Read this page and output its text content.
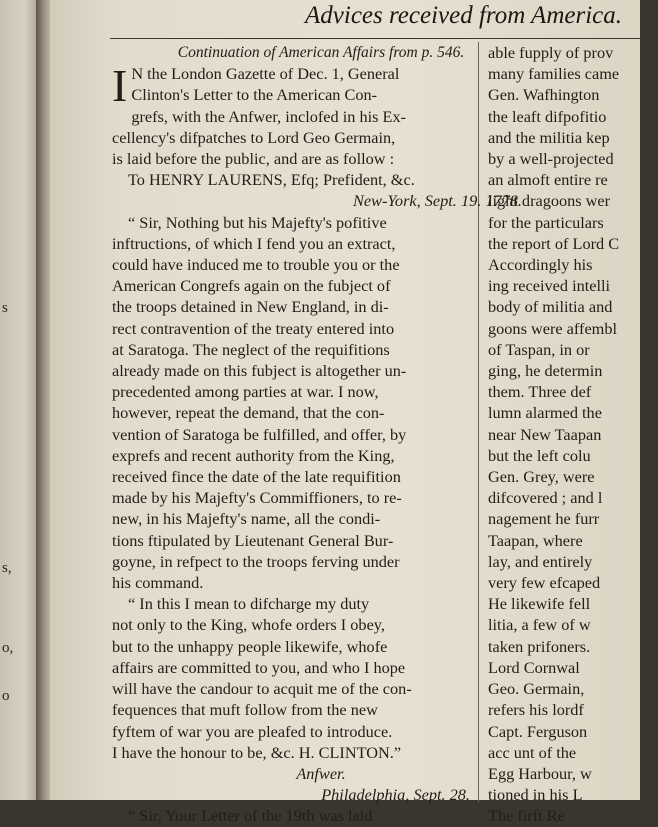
s
s,
o,
o
Advices received from America.
Continuation of American Affairs from p. 546.
I N the London Gazette of Dec. 1, General
Clinton's Letter to the American Con-
grefs, with the Anfwer, inclofed in his Ex-
cellency's difpatches to Lord Geo Germain,
is laid before the public, and are as follow :
To HENRY LAURENS, Efq; Prefident, &c.
New-York, Sept. 19. 1778.
“ Sir, Nothing but his Majefty's pofitive
inftructions, of which I fend you an extract,
could have induced me to trouble you or the
American Congrefs again on the fubject of
the troops detained in New England, in di-
rect contravention of the treaty entered into
at Saratoga. The neglect of the requifitions
already made on this fubject is altogether un-
precedented among parties at war. I now,
however, repeat the demand, that the con-
vention of Saratoga be fulfilled, and offer, by
exprefs and recent authority from the King,
received fince the date of the late requifition
made by his Majefty's Commiffioners, to re-
new, in his Majefty's name, all the condi-
tions ftipulated by Lieutenant General Bur-
goyne, in refpect to the troops ferving under
his command.
“ In this I mean to difcharge my duty
not only to the King, whofe orders I obey,
but to the unhappy people likewife, whofe
affairs are committed to you, and who I hope
will have the candour to acquit me of the con-
fequences that muft follow from the new
fyftem of war you are pleafed to introduce.
I have the honour to be, &c. H. CLINTON.”
Anfwer.
Philadelphia, Sept. 28.
“ Sir, Your Letter of the 19th was laid
able fupply of prov
many families came
Gen. Wafhington
the leaft difpofitio
and the militia kep
by a well-projected
an almoft entire re
light dragoons wer
for the particulars
the report of Lord C
Accordingly his
ing received intelli
body of militia and
goons were affembl
of Taspan, in or
ging, he determin
them. Three def
lumn alarmed the
near New Taapan
but the left colu
Gen. Grey, were
difcovered ; and l
nagement he furr
Taapan, where
lay, and entirely
very few efcaped
He likewife fell
litia, a few of w
taken prifoners.
Lord Cornwal
Geo. Germain,
refers his lordf
Capt. Ferguson
acc unt of the
Egg Harbour, w
tioned in his L
The firft Re
